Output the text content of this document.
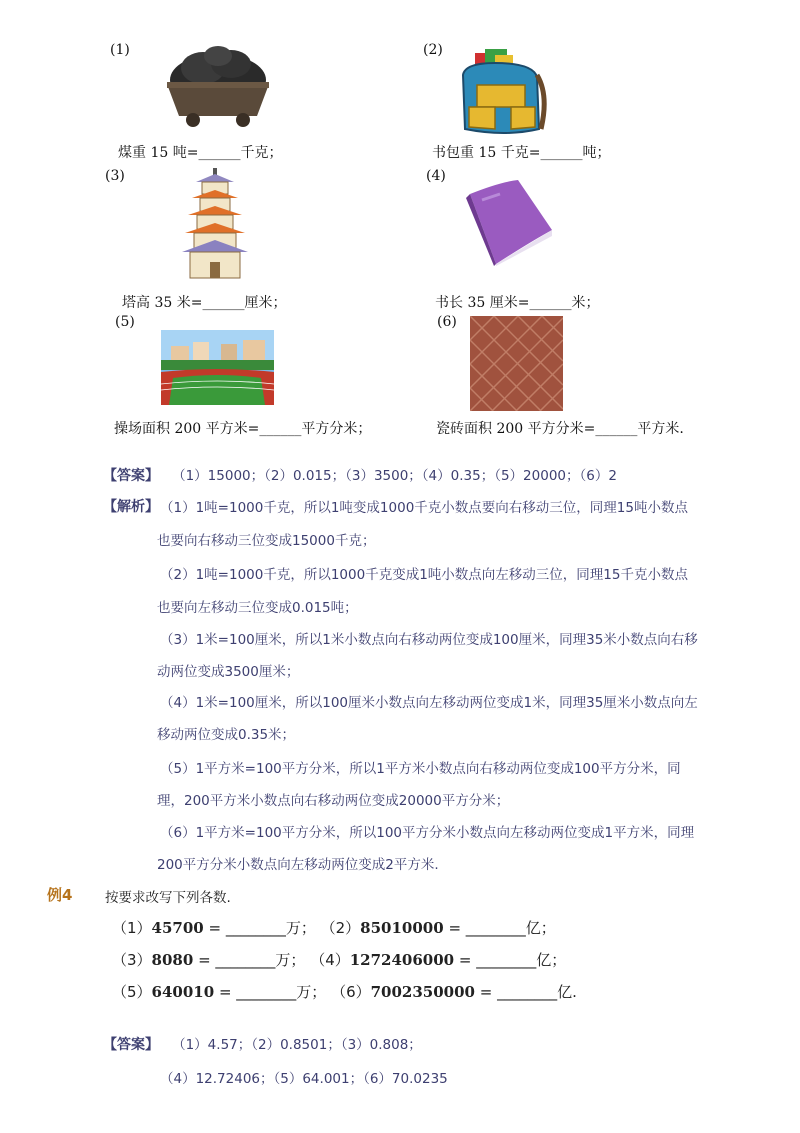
(1)
煤重 15 吨=______千克；
(2)
书包重 15 千克=______吨；
(3)
塔高 35 米=______厘米；
(4)
书长 35 厘米=______米；
(5)
操场面积 200 平方米=______平方分米；
(6)
瓷砖面积 200 平方分米=______平方米.
【答案】 （1）15000；（2）0.015；（3）3500；（4）0.35；（5）20000；（6）2
【解析】 （1）1吨=1000千克，所以1吨变成1000千克小数点要向右移动三位，同理15吨小数点
也要向右移动三位变成15000千克；
（2）1吨=1000千克，所以1000千克变成1吨小数点向左移动三位，同理15千克小数点
也要向左移动三位变成0.015吨；
（3）1米=100厘米，所以1米小数点向右移动两位变成100厘米，同理35米小数点向右移
动两位变成3500厘米；
（4）1米=100厘米，所以100厘米小数点向左移动两位变成1米，同理35厘米小数点向左
移动两位变成0.35米；
（5）1平方米=100平方分米，所以1平方米小数点向右移动两位变成100平方分米，同
理，200平方米小数点向右移动两位变成20000平方分米；
（6）1平方米=100平方分米，所以100平方分米小数点向左移动两位变成1平方米，同理
200平方分米小数点向左移动两位变成2平方米.
例4 按要求改写下列各数.
（1）45700 = ________万； （2）85010000 = ________亿；
（3）8080 = ________万； （4）1272406000 = ________亿；
（5）640010 = ________万； （6）7002350000 = ________亿.
【答案】 （1）4.57；（2）0.8501；（3）0.808；
（4）12.72406；（5）64.001；（6）70.0235
